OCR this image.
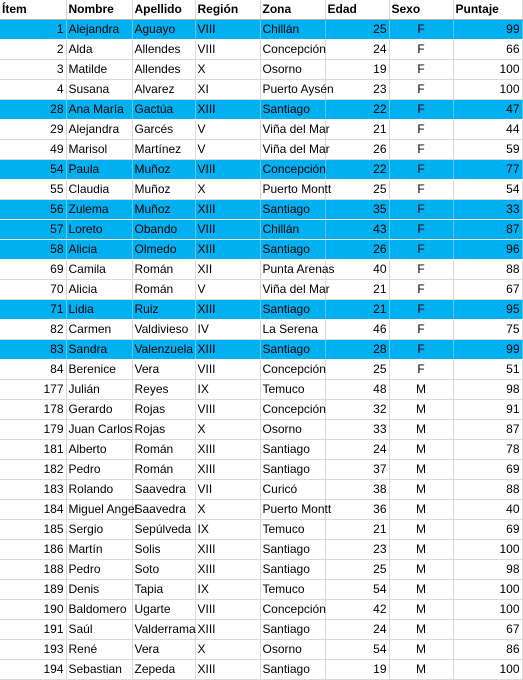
Ítem	Nombre	Apellido	Región	Zona	Edad	Sexo	Puntaje
1	Alejandra	Aguayo	VIII	Chillán	25	F	99
2	Alda	Allendes	VIII	Concepción	24	F	66
3	Matilde	Allendes	X	Osorno	19	F	100
4	Susana	Alvarez	XI	Puerto Aysén	23	F	100
28	Ana María	Gactúa	XIII	Santiago	22	F	47
29	Alejandra	Garcés	V	Viña del Mar	21	F	44
49	Marisol	Martínez	V	Viña del Mar	26	F	59
54	Paula	Muñoz	VIII	Concepción	22	F	77
55	Claudia	Muñoz	X	Puerto Montt	25	F	54
56	Zulema	Muñoz	XIII	Santiago	35	F	33
57	Loreto	Obando	VIII	Chillán	43	F	87
58	Alicia	Olmedo	XIII	Santiago	26	F	96
69	Camila	Román	XII	Punta Arenas	40	F	88
70	Alicia	Román	V	Viña del Mar	21	F	67
71	Lidia	Ruiz	XIII	Santiago	21	F	95
82	Carmen	Valdivieso	IV	La Serena	46	F	75
83	Sandra	Valenzuela	XIII	Santiago	28	F	99
84	Berenice	Vera	VIII	Concepción	25	F	51
177	Julián	Reyes	IX	Temuco	48	M	98
178	Gerardo	Rojas	VIII	Concepción	32	M	91
179	Juan Carlos	Rojas	X	Osorno	33	M	87
181	Alberto	Román	XIII	Santiago	24	M	78
182	Pedro	Román	XIII	Santiago	37	M	69
183	Rolando	Saavedra	VII	Curicó	38	M	88
184	Miguel Angel	Saavedra	X	Puerto Montt	36	M	40
185	Sergio	Sepúlveda	IX	Temuco	21	M	69
186	Martín	Solis	XIII	Santiago	23	M	100
188	Pedro	Soto	XIII	Santiago	25	M	98
189	Denis	Tapia	IX	Temuco	54	M	100
190	Baldomero	Ugarte	VIII	Concepción	42	M	100
191	Saúl	Valderrama	XIII	Santiago	24	M	67
193	René	Vera	X	Osorno	54	M	86
194	Sebastian	Zepeda	XIII	Santiago	19	M	100
